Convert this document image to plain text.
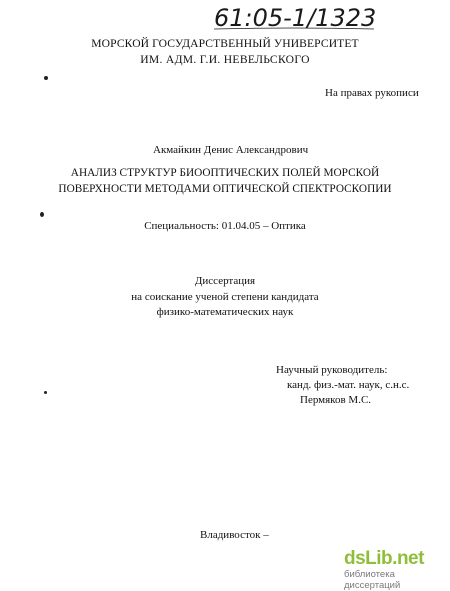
61:05-1/1323
МОРСКОЙ ГОСУДАРСТВЕННЫЙ УНИВЕРСИТЕТ
ИМ. АДМ. Г.И. НЕВЕЛЬСКОГО
На правах рукописи
Акмайкин Денис Александрович
АНАЛИЗ СТРУКТУР БИООПТИЧЕСКИХ ПОЛЕЙ МОРСКОЙ
ПОВЕРХНОСТИ МЕТОДАМИ ОПТИЧЕСКОЙ СПЕКТРОСКОПИИ
Специальность: 01.04.05 – Оптика
Диссертация
на соискание ученой степени кандидата
физико-математических наук
Научный руководитель:
канд. физ.-мат. наук, с.н.с.
Пермяков М.С.
Владивосток –
dsLib.net
библиотека диссертаций
